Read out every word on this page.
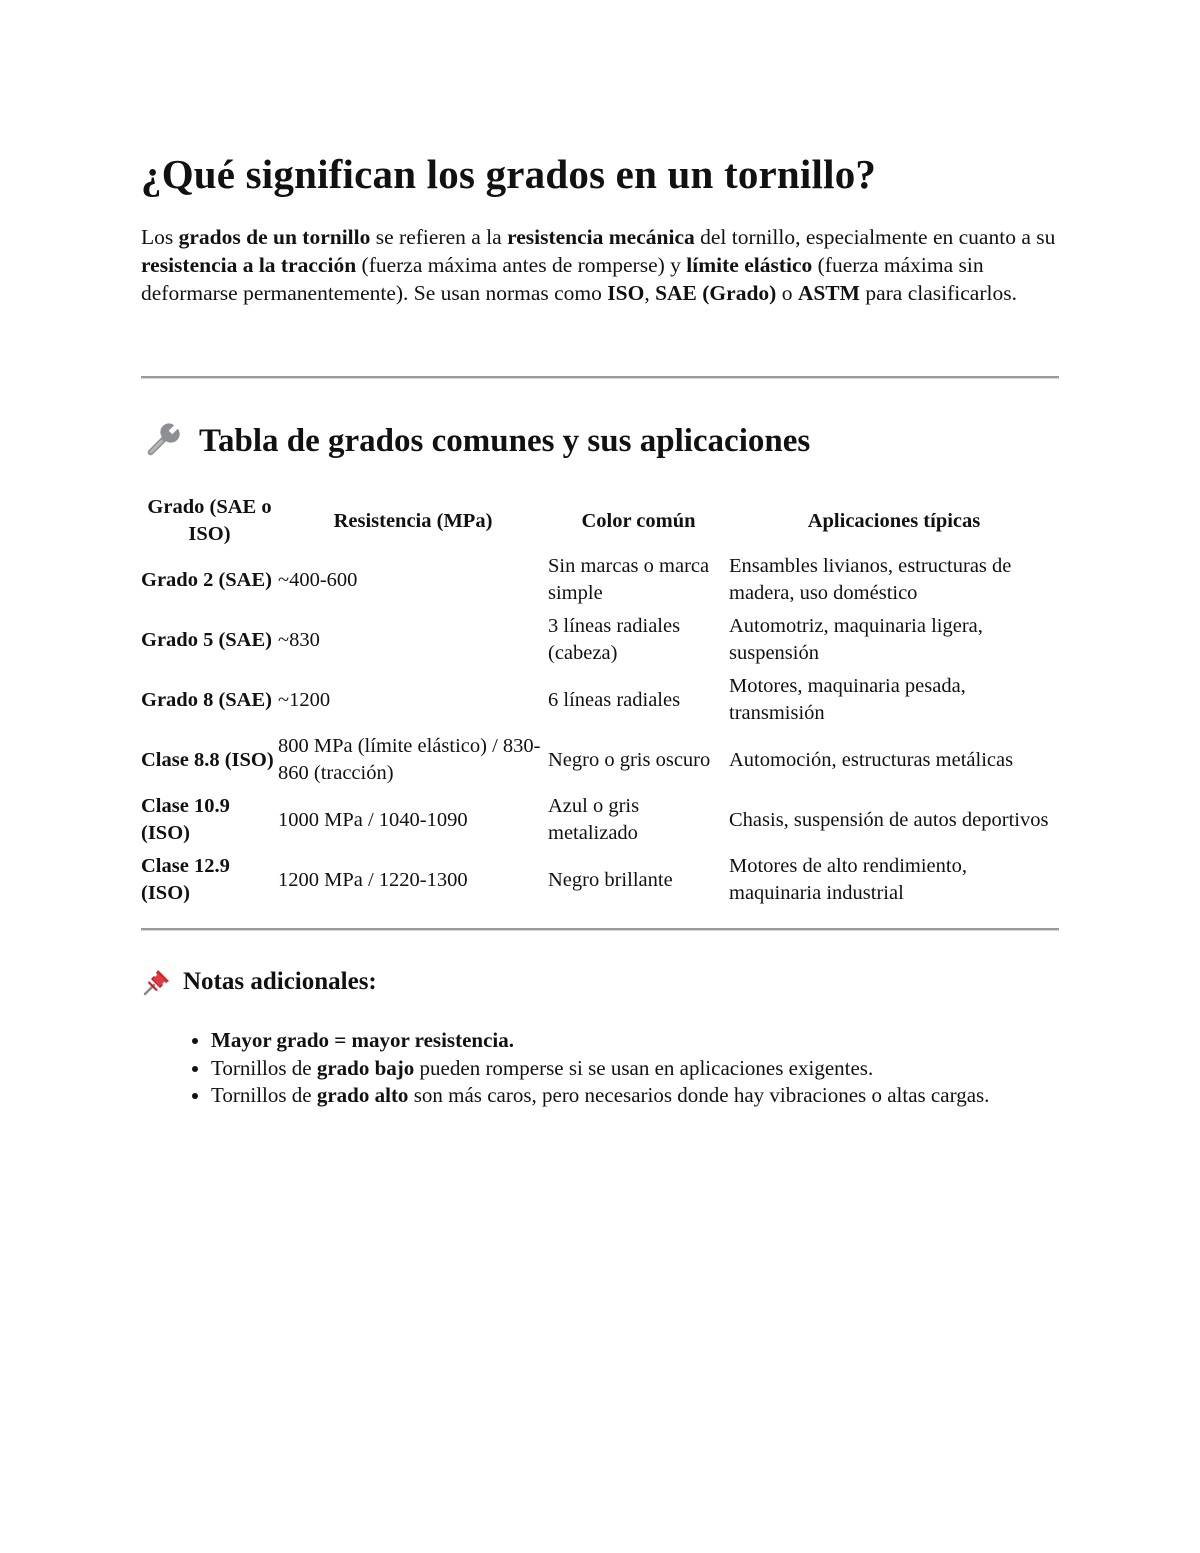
¿Qué significan los grados en un tornillo?

Los grados de un tornillo se refieren a la resistencia mecánica del tornillo, especialmente en cuanto a su resistencia a la tracción (fuerza máxima antes de romperse) y límite elástico (fuerza máxima sin deformarse permanentemente). Se usan normas como ISO, SAE (Grado) o ASTM para clasificarlos.

Tabla de grados comunes y sus aplicaciones
Grado (SAE o ISO)	Resistencia (MPa)	Color común	Aplicaciones típicas
Grado 2 (SAE)	~400-600	Sin marcas o marca simple	Ensambles livianos, estructuras de madera, uso doméstico
Grado 5 (SAE)	~830	3 líneas radiales (cabeza)	Automotriz, maquinaria ligera, suspensión
Grado 8 (SAE)	~1200	6 líneas radiales	Motores, maquinaria pesada, transmisión
Clase 8.8 (ISO)	800 MPa (límite elástico) / 830-860 (tracción)	Negro o gris oscuro	Automoción, estructuras metálicas
Clase 10.9 (ISO)	1000 MPa / 1040-1090	Azul o gris metalizado	Chasis, suspensión de autos deportivos
Clase 12.9 (ISO)	1200 MPa / 1220-1300	Negro brillante	Motores de alto rendimiento, maquinaria industrial
Notas adicionales:
• Mayor grado = mayor resistencia.
• Tornillos de grado bajo pueden romperse si se usan en aplicaciones exigentes.
• Tornillos de grado alto son más caros, pero necesarios donde hay vibraciones o altas cargas.
